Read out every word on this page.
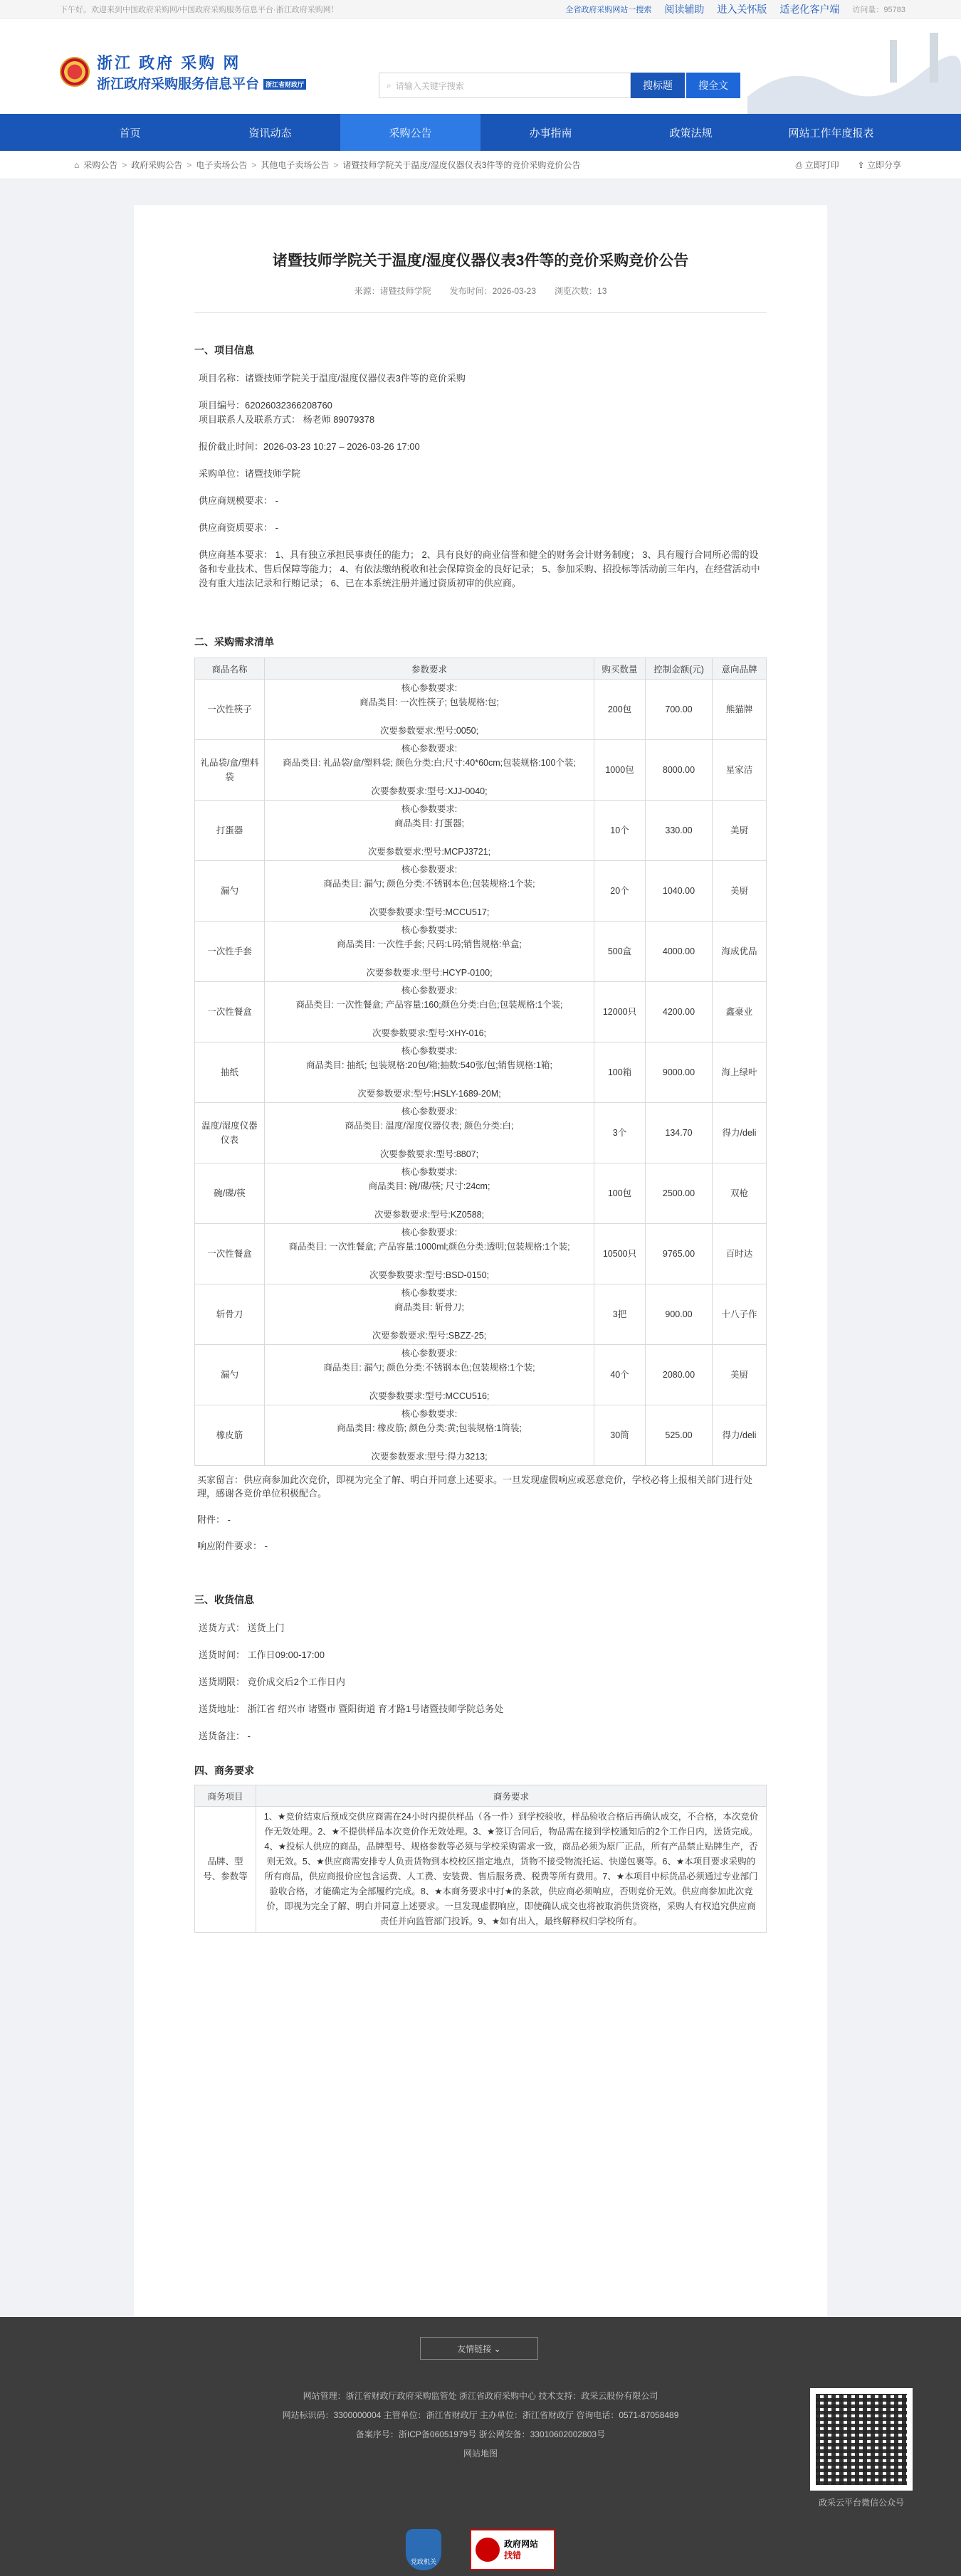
下午好。欢迎来到中国政府采购网/中国政府采购服务信息平台·浙江政府采购网！	全省政府采购网站一搜索 阅读辅助 进入关怀版 适老化客户端 访问量：95783
浙江 政府 采购 网
浙江政府采购服务信息平台 浙江省财政厅	⌕ 请输入关键字搜索	搜标题	搜全文
首页	资讯动态	采购公告	办事指南	政策法规	网站工作年度报表
⌂ 采购公告 > 政府采购公告 > 电子卖场公告 > 其他电子卖场公告 > 诸暨技师学院关于温度/湿度仪器仪表3件等的竞价采购竞价公告	⎙ 立即打印 ⇪ 立即分享
诸暨技师学院关于温度/湿度仪器仪表3件等的竞价采购竞价公告
来源：诸暨技师学院 发布时间：2026-03-23 浏览次数：13
一、项目信息

项目名称：诸暨技师学院关于温度/湿度仪器仪表3件等的竞价采购

项目编号：62026032366208760

项目联系人及联系方式： 杨老师 89079378

报价截止时间：2026-03-23 10:27 – 2026-03-26 17:00

采购单位：诸暨技师学院

供应商规模要求： -

供应商资质要求： -

供应商基本要求： 1、具有独立承担民事责任的能力； 2、具有良好的商业信誉和健全的财务会计财务制度； 3、具有履行合同所必需的设备和专业技术、售后保障等能力； 4、有依法缴纳税收和社会保障资金的良好记录； 5、参加采购、招投标等活动前三年内，在经营活动中没有重大违法记录和行贿记录； 6、已在本系统注册并通过资质初审的供应商。

二、采购需求清单
商品名称	参数要求	购买数量	控制金额(元)	意向品牌
一次性筷子	核心参数要求:
商品类目: 一次性筷子; 包装规格:包;

次要参数要求:型号:0050;	200包	700.00	熊猫牌
礼品袋/盒/塑料袋	核心参数要求:
商品类目: 礼品袋/盒/塑料袋; 颜色分类:白;尺寸:40*60cm;包装规格:100个装;

次要参数要求:型号:XJJ-0040;	1000包	8000.00	星家洁
打蛋器	核心参数要求:
商品类目: 打蛋器;

次要参数要求:型号:MCPJ3721;	10个	330.00	美厨
漏勺	核心参数要求:
商品类目: 漏勺; 颜色分类:不锈钢本色;包装规格:1个装;

次要参数要求:型号:MCCU517;	20个	1040.00	美厨
一次性手套	核心参数要求:
商品类目: 一次性手套; 尺码:L码;销售规格:单盒;

次要参数要求:型号:HCYP-0100;	500盒	4000.00	海成优品
一次性餐盒	核心参数要求:
商品类目: 一次性餐盒; 产品容量:160;颜色分类:白色;包装规格:1个装;

次要参数要求:型号:XHY-016;	12000只	4200.00	鑫豪业
抽纸	核心参数要求:
商品类目: 抽纸; 包装规格:20包/箱;抽数:540张/包;销售规格:1箱;

次要参数要求:型号:HSLY-1689-20M;	100箱	9000.00	海上绿叶
温度/湿度仪器仪表	核心参数要求:
商品类目: 温度/湿度仪器仪表; 颜色分类:白;

次要参数要求:型号:8807;	3个	134.70	得力/deli
碗/碟/筷	核心参数要求:
商品类目: 碗/碟/筷; 尺寸:24cm;

次要参数要求:型号:KZ0588;	100包	2500.00	双枪
一次性餐盒	核心参数要求:
商品类目: 一次性餐盒; 产品容量:1000ml;颜色分类:透明;包装规格:1个装;

次要参数要求:型号:BSD-0150;	10500只	9765.00	百时达
斩骨刀	核心参数要求:
商品类目: 斩骨刀;

次要参数要求:型号:SBZZ-25;	3把	900.00	十八子作
漏勺	核心参数要求:
商品类目: 漏勺; 颜色分类:不锈钢本色;包装规格:1个装;

次要参数要求:型号:MCCU516;	40个	2080.00	美厨
橡皮筋	核心参数要求:
商品类目: 橡皮筋; 颜色分类:黄;包装规格:1筒装;

次要参数要求:型号:得力3213;	30筒	525.00	得力/deli

买家留言：供应商参加此次竞价，即视为完全了解、明白并同意上述要求。一旦发现虚假响应或恶意竞价，学校必将上报相关部门进行处理，感谢各竞价单位积极配合。

附件： -

响应附件要求： -

三、收货信息

送货方式： 送货上门

送货时间： 工作日09:00-17:00

送货期限： 竞价成交后2个工作日内

送货地址： 浙江省 绍兴市 诸暨市 暨阳街道 育才路1号诸暨技师学院总务处

送货备注： -

四、商务要求
商务项目	商务要求
品牌、型号、参数等	1、★竞价结束后预成交供应商需在24小时内提供样品（各一件）到学校验收，样品验收合格后再确认成交，不合格，本次竞价作无效处理。2、★不提供样品本次竞价作无效处理。3、★签订合同后，物品需在接到学校通知后的2个工作日内，送货完成。4、★投标人供应的商品，品牌型号、规格参数等必须与学校采购需求一致，商品必须为原厂正品，所有产品禁止贴牌生产，否则无效。5、★供应商需安排专人负责货物到本校校区指定地点，货物不接受物流托运、快递包裹等。6、★本项目要求采购的所有商品，供应商报价应包含运费、人工费、安装费、售后服务费、税费等所有费用。7、★本项目中标货品必须通过专业部门验收合格，才能确定为全部履约完成。8、★本商务要求中打★的条款，供应商必须响应，否则竞价无效。供应商参加此次竞价，即视为完全了解、明白并同意上述要求。一旦发现虚假响应，即使确认成交也将被取消供货资格，采购人有权追究供应商责任并向监管部门投诉。9、★如有出入，最终解释权归学校所有。
友情链接 ⌄
网站管理：浙江省财政厅政府采购监管处 浙江省政府采购中心 技术支持：政采云股份有限公司
网站标识码：3300000004 主管单位：浙江省财政厅 主办单位：浙江省财政厅 咨询电话：0571-87058489
备案序号：浙ICP备06051979号 浙公网安备：33010602002803号
网站地图
政采云平台微信公众号
党政机关
政府网站
找错
